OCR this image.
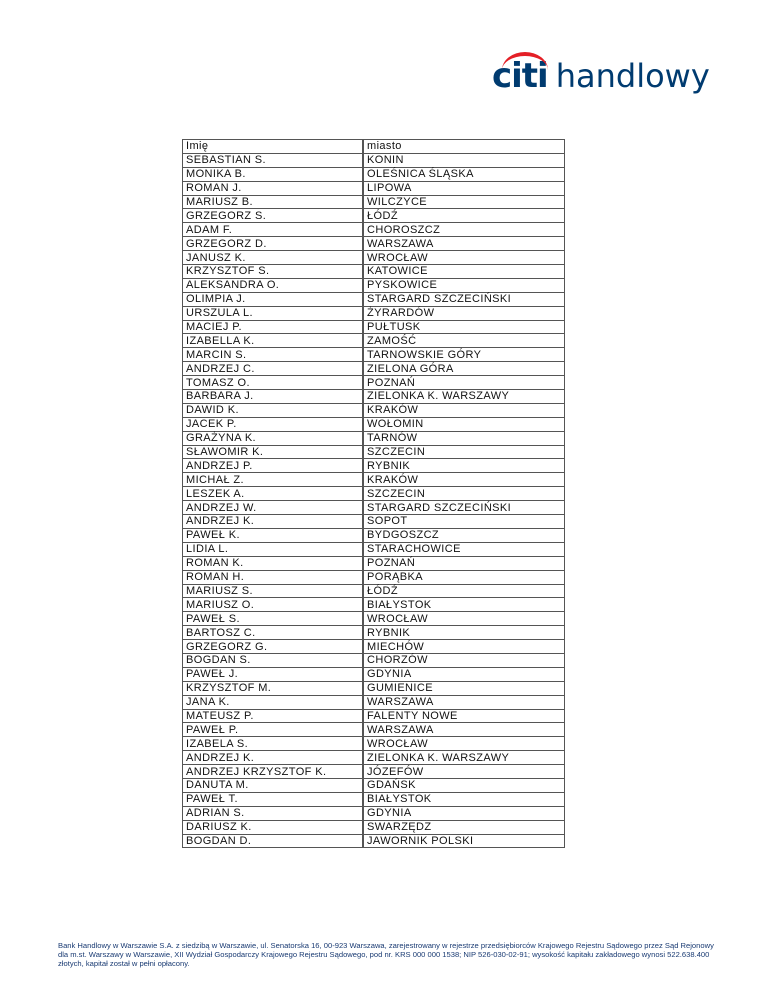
citi handlowy
Imię		miasto
SEBASTIAN S.		KONIN
MONIKA B.		OLEŚNICA ŚLĄSKA
ROMAN J.		LIPOWA
MARIUSZ B.		WILCZYCE
GRZEGORZ S.		ŁÓDŹ
ADAM F.		CHOROSZCZ
GRZEGORZ D.		WARSZAWA
JANUSZ K.		WROCŁAW
KRZYSZTOF S.		KATOWICE
ALEKSANDRA O.		PYSKOWICE
OLIMPIA J.		STARGARD SZCZECIŃSKI
URSZULA L.		ŻYRARDÓW
MACIEJ P.		PUŁTUSK
IZABELLA K.		ZAMOŚĆ
MARCIN S.		TARNOWSKIE GÓRY
ANDRZEJ C.		ZIELONA GÓRA
TOMASZ O.		POZNAŃ
BARBARA J.		ZIELONKA K. WARSZAWY
DAWID K.		KRAKÓW
JACEK P.		WOŁOMIN
GRAŻYNA K.		TARNÓW
SŁAWOMIR K.		SZCZECIN
ANDRZEJ P.		RYBNIK
MICHAŁ Z.		KRAKÓW
LESZEK A.		SZCZECIN
ANDRZEJ W.		STARGARD SZCZECIŃSKI
ANDRZEJ K.		SOPOT
PAWEŁ K.		BYDGOSZCZ
LIDIA L.		STARACHOWICE
ROMAN K.		POZNAŃ
ROMAN H.		PORĄBKA
MARIUSZ S.		ŁÓDŹ
MARIUSZ O.		BIAŁYSTOK
PAWEŁ S.		WROCŁAW
BARTOSZ C.		RYBNIK
GRZEGORZ G.		MIECHÓW
BOGDAN S.		CHORZÓW
PAWEŁ J.		GDYNIA
KRZYSZTOF M.		GUMIENICE
JANA K.		WARSZAWA
MATEUSZ P.		FALENTY NOWE
PAWEŁ P.		WARSZAWA
IZABELA S.		WROCŁAW
ANDRZEJ K.		ZIELONKA K. WARSZAWY
ANDRZEJ KRZYSZTOF K.		JÓZEFÓW
DANUTA M.		GDAŃSK
PAWEŁ T.		BIAŁYSTOK
ADRIAN S.		GDYNIA
DARIUSZ K.		SWARZĘDZ
BOGDAN D.		JAWORNIK POLSKI
Bank Handlowy w Warszawie S.A. z siedzibą w Warszawie, ul. Senatorska 16, 00-923 Warszawa, zarejestrowany w rejestrze przedsiębiorców Krajowego Rejestru Sądowego przez Sąd Rejonowy dla m.st. Warszawy w Warszawie, XII Wydział Gospodarczy Krajowego Rejestru Sądowego, pod nr. KRS 000 000 1538; NIP 526-030-02-91; wysokość kapitału zakładowego wynosi 522.638.400 złotych, kapitał został w pełni opłacony.
